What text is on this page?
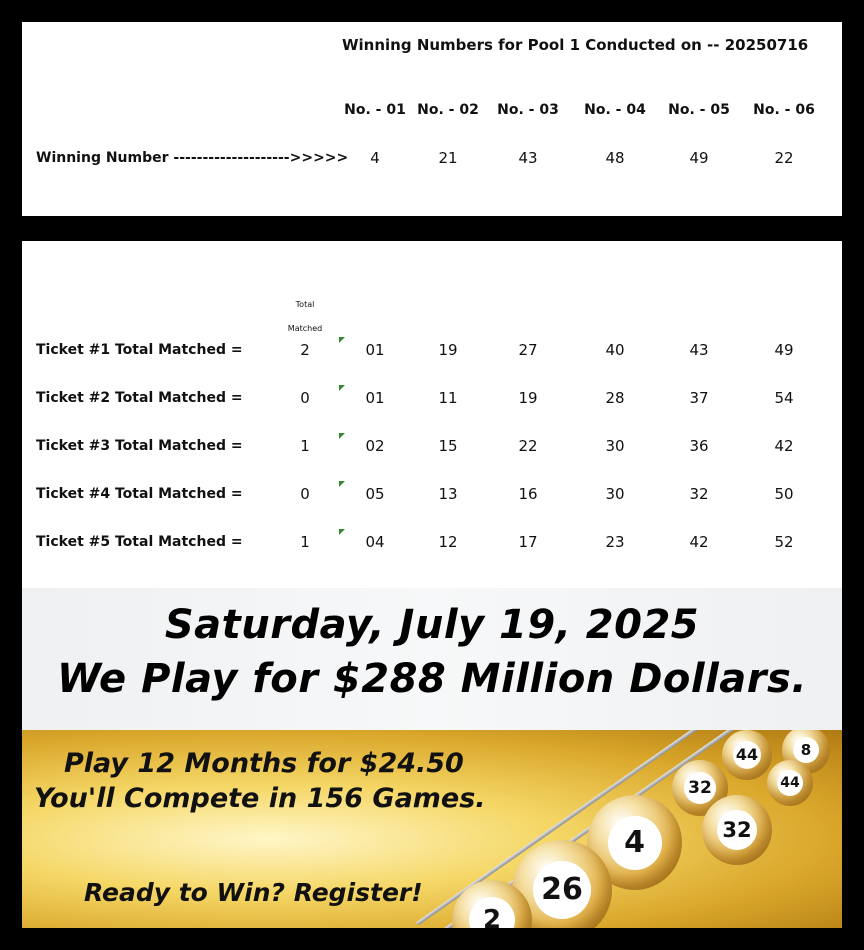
Winning Numbers for Pool 1 Conducted on -- 20250716
No. - 01 No. - 02 No. - 03 No. - 04 No. - 05 No. - 06
Winning Number -------------------->>>>> 4	21	43	48	49	22
Total
Matched
Ticket #1 Total Matched =	2	01	19	27	40	43	49
Ticket #2 Total Matched =	0	01	11	19	28	37	54
Ticket #3 Total Matched =	1	02	15	22	30	36	42
Ticket #4 Total Matched =	0	05	13	16	30	32	50
Ticket #5 Total Matched =	1	04	12	17	23	42	52
Saturday, July 19, 2025
We Play for $288 Million Dollars.
Play 12 Months for $24.50
You'll Compete in 156 Games.
Ready to Win? Register!
8
44
44
32
32
4
26
2
